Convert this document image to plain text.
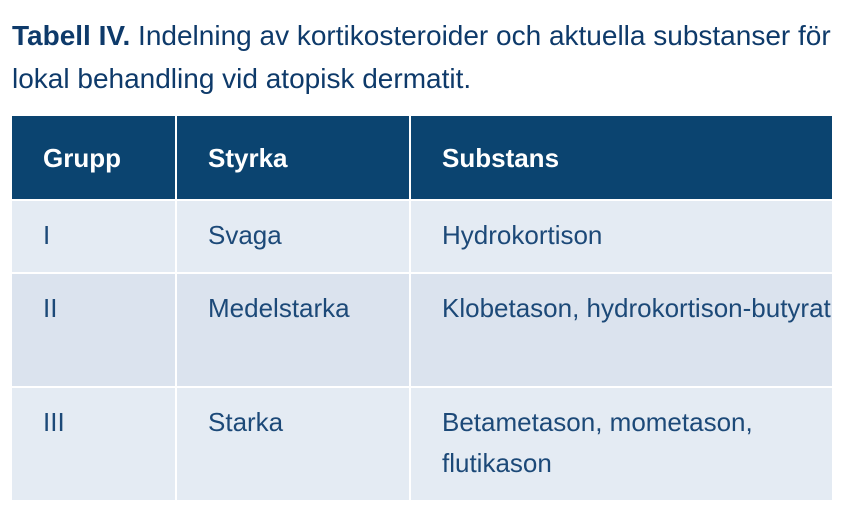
Tabell IV. Indelning av kortikosteroider och aktuella substanser för lokal behandling vid atopisk dermatit.
Grupp	Styrka	Substans
I	Svaga	Hydrokortison
II	Medelstarka	Klobetason, hydrokortison-butyrat
III	Starka	Betametason, mometason, flutikason
